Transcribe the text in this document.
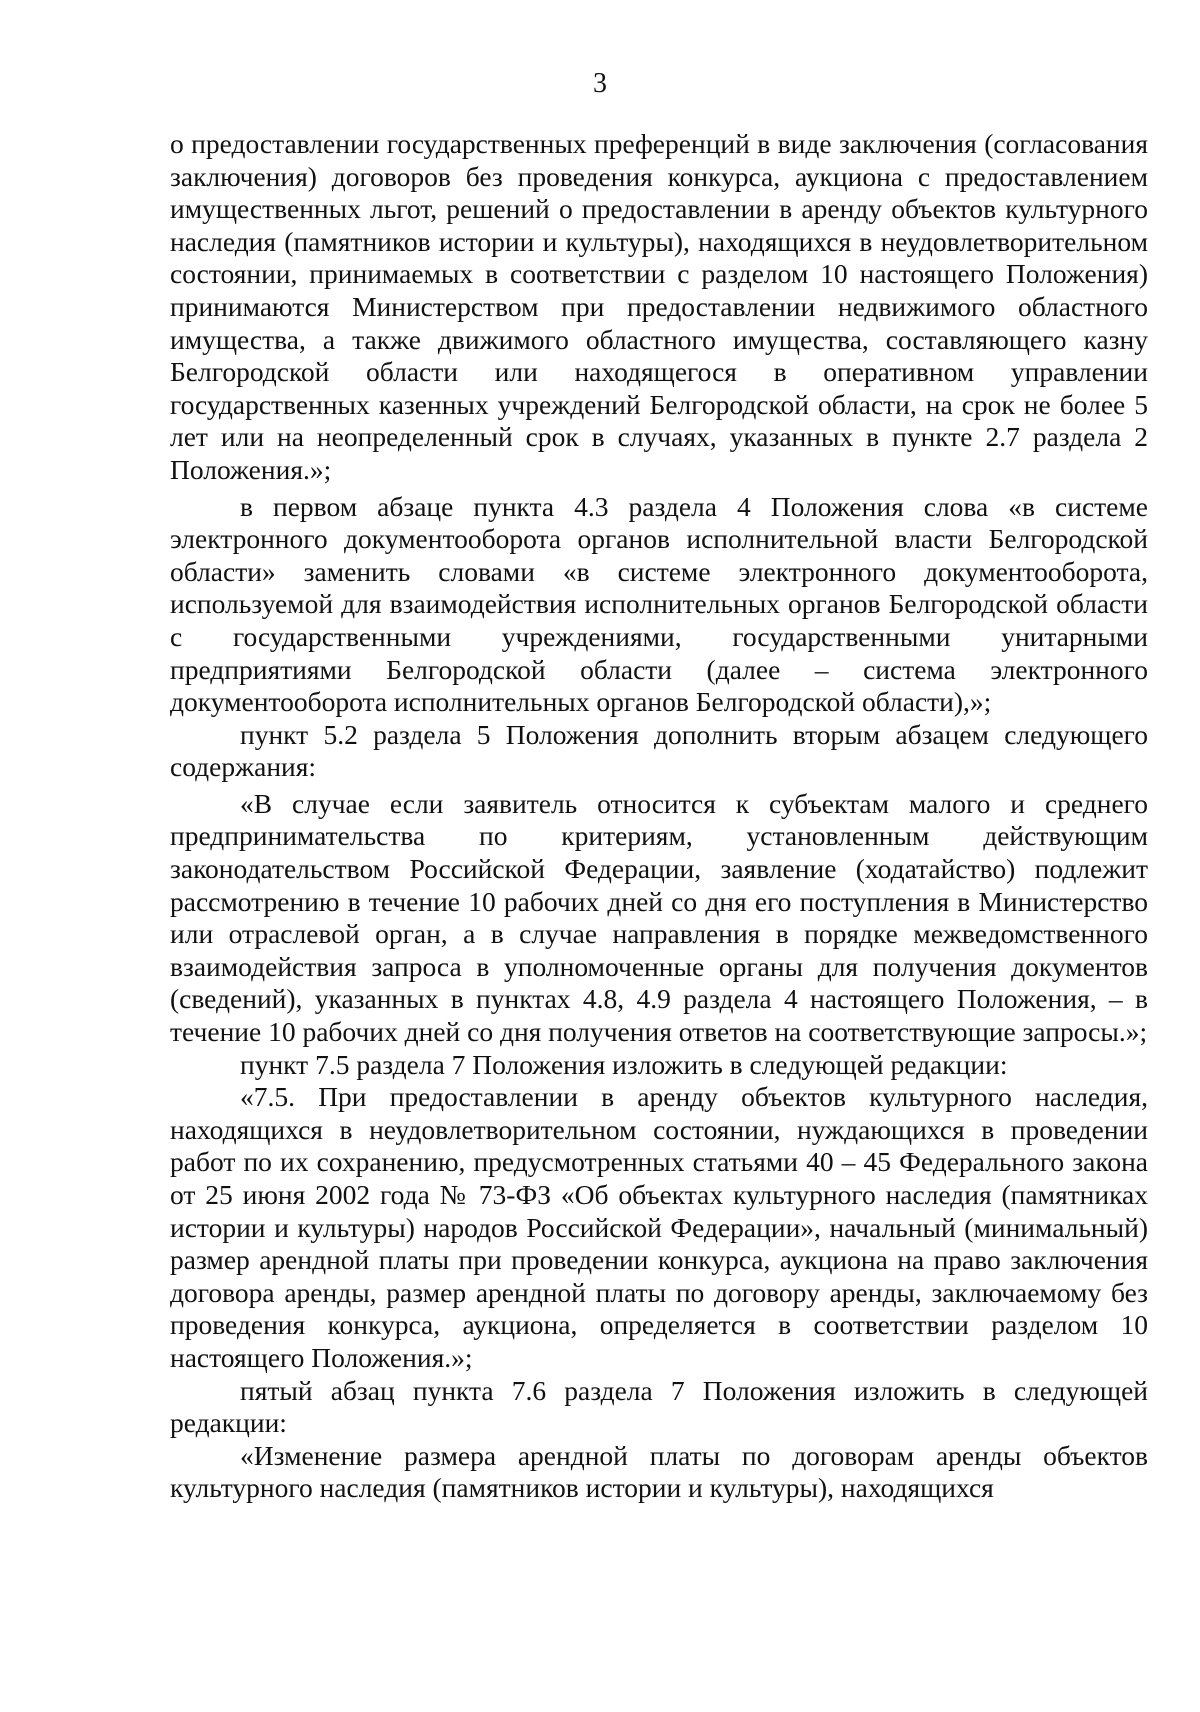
3

о предоставлении государственных преференций в виде заключения (согласования заключения) договоров без проведения конкурса, аукциона с предоставлением имущественных льгот, решений о предоставлении в аренду объектов культурного наследия (памятников истории и культуры), находящихся в неудовлетворительном состоянии, принимаемых в соответствии с разделом 10 настоящего Положения) принимаются Министерством при предоставлении недвижимого областного имущества, а также движимого областного имущества, составляющего казну Белгородской области или находящегося в оперативном управлении государственных казенных учреждений Белгородской области, на срок не более 5 лет или на неопределенный срок в случаях, указанных в пункте 2.7 раздела 2 Положения.»;

в первом абзаце пункта 4.3 раздела 4 Положения слова «в системе электронного документооборота органов исполнительной власти Белгородской области» заменить словами «в системе электронного документооборота, используемой для взаимодействия исполнительных органов Белгородской области с государственными учреждениями, государственными унитарными предприятиями Белгородской области (далее – система электронного документооборота исполнительных органов Белгородской области),»;

пункт 5.2 раздела 5 Положения дополнить вторым абзацем следующего содержания:

«В случае если заявитель относится к субъектам малого и среднего предпринимательства по критериям, установленным действующим законодательством Российской Федерации, заявление (ходатайство) подлежит рассмотрению в течение 10 рабочих дней со дня его поступления в Министерство или отраслевой орган, а в случае направления в порядке межведомственного взаимодействия запроса в уполномоченные органы для получения документов (сведений), указанных в пунктах 4.8, 4.9 раздела 4 настоящего Положения, – в течение 10 рабочих дней со дня получения ответов на соответствующие запросы.»;

пункт 7.5 раздела 7 Положения изложить в следующей редакции:

«7.5. При предоставлении в аренду объектов культурного наследия, находящихся в неудовлетворительном состоянии, нуждающихся в проведении работ по их сохранению, предусмотренных статьями 40 – 45 Федерального закона от 25 июня 2002 года № 73-ФЗ «Об объектах культурного наследия (памятниках истории и культуры) народов Российской Федерации», начальный (минимальный) размер арендной платы при проведении конкурса, аукциона на право заключения договора аренды, размер арендной платы по договору аренды, заключаемому без проведения конкурса, аукциона, определяется в соответствии разделом 10 настоящего Положения.»;

пятый абзац пункта 7.6 раздела 7 Положения изложить в следующей редакции:

«Изменение размера арендной платы по договорам аренды объектов культурного наследия (памятников истории и культуры), находящихся
